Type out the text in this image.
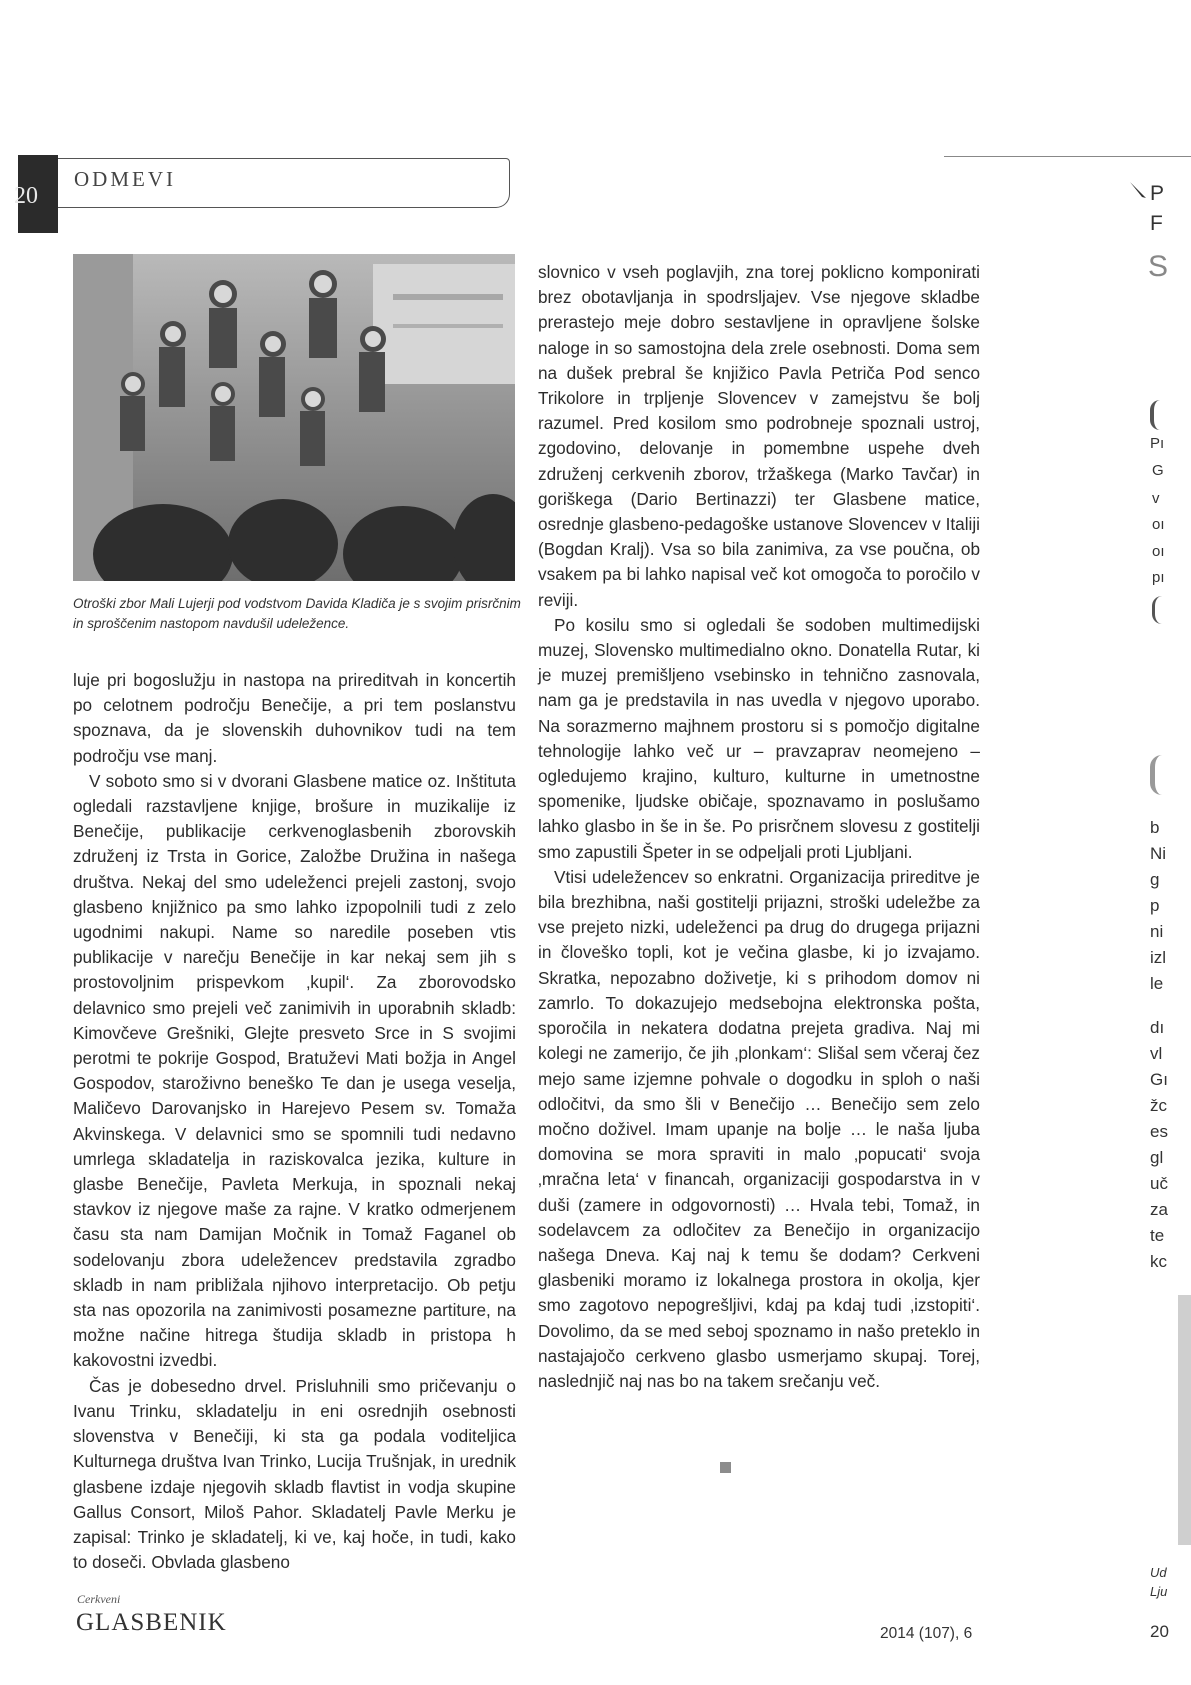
20
ODMEVI
Otroški zbor Mali Lujerji pod vodstvom Davida Kladiča je s svojim prisrčnim in sproščenim nastopom navdušil udeležence.

luje pri bogoslužju in nastopa na prireditvah in koncertih po celotnem področju Benečije, a pri tem poslanstvu spoznava, da je slovenskih duhovnikov tudi na tem področju vse manj.

V soboto smo si v dvorani Glasbene matice oz. Inštituta ogledali razstavljene knjige, brošure in muzikalije iz Benečije, publikacije cerkvenoglasbenih zborovskih združenj iz Trsta in Gorice, Založbe Družina in našega društva. Nekaj del smo udeleženci prejeli zastonj, svojo glasbeno knjižnico pa smo lahko izpopolnili tudi z zelo ugodnimi nakupi. Name so naredile poseben vtis publikacije v narečju Benečije in kar nekaj sem jih s prostovoljnim prispevkom ‚kupil‘. Za zborovodsko delavnico smo prejeli več zanimivih in uporabnih skladb: Kimovčeve Grešniki, Glejte presveto Srce in S svojimi perotmi te pokrije Gospod, Bratuževi Mati božja in Angel Gospodov, staroživno beneško Te dan je usega veselja, Maličevo Darovanjsko in Harejevo Pesem sv. Tomaža Akvinskega. V delavnici smo se spomnili tudi nedavno umrlega skladatelja in raziskovalca jezika, kulture in glasbe Benečije, Pavleta Merkuja, in spoznali nekaj stavkov iz njegove maše za rajne. V kratko odmerjenem času sta nam Damijan Močnik in Tomaž Faganel ob sodelovanju zbora udeležencev predstavila zgradbo skladb in nam približala njihovo interpretacijo. Ob petju sta nas opozorila na zanimivosti posamezne partiture, na možne načine hitrega študija skladb in pristopa h kakovostni izvedbi.

Čas je dobesedno drvel. Prisluhnili smo pričevanju o Ivanu Trinku, skladatelju in eni osrednjih osebnosti slovenstva v Benečiji, ki sta ga podala voditeljica Kulturnega društva Ivan Trinko, Lucija Trušnjak, in urednik glasbene izdaje njegovih skladb flavtist in vodja skupine Gallus Consort, Miloš Pahor. Skladatelj Pavle Merku je zapisal: Trinko je skladatelj, ki ve, kaj hoče, in tudi, kako to doseči. Obvlada glasbeno

slovnico v vseh poglavjih, zna torej poklicno komponirati brez obotavljanja in spodrsljajev. Vse njegove skladbe prerastejo meje dobro sestavljene in opravljene šolske naloge in so samostojna dela zrele osebnosti. Doma sem na dušek prebral še knjižico Pavla Petriča Pod senco Trikolore in trpljenje Slovencev v zamejstvu še bolj razumel. Pred kosilom smo podrobneje spoznali ustroj, zgodovino, delovanje in pomembne uspehe dveh združenj cerkvenih zborov, tržaškega (Marko Tavčar) in goriškega (Dario Bertinazzi) ter Glasbene matice, osrednje glasbeno-pedagoške ustanove Slovencev v Italiji (Bogdan Kralj). Vsa so bila zanimiva, za vse poučna, ob vsakem pa bi lahko napisal več kot omogoča to poročilo v reviji.

Po kosilu smo si ogledali še sodoben multimedijski muzej, Slovensko multimedialno okno. Donatella Rutar, ki je muzej premišljeno vsebinsko in tehnično zasnovala, nam ga je predstavila in nas uvedla v njegovo uporabo. Na sorazmerno majhnem prostoru si s pomočjo digitalne tehnologije lahko več ur – pravzaprav neomejeno – ogledujemo krajino, kulturo, kulturne in umetnostne spomenike, ljudske običaje, spoznavamo in poslušamo lahko glasbo in še in še. Po prisrčnem slovesu z gostitelji smo zapustili Špeter in se odpeljali proti Ljubljani.

Vtisi udeležencev so enkratni. Organizacija prireditve je bila brezhibna, naši gostitelji prijazni, stroški udeležbe za vse prejeto nizki, udeleženci pa drug do drugega prijazni in človeško topli, kot je večina glasbe, ki jo izvajamo. Skratka, nepozabno doživetje, ki s prihodom domov ni zamrlo. To dokazujejo medsebojna elektronska pošta, sporočila in nekatera dodatna prejeta gradiva. Naj mi kolegi ne zamerijo, če jih ‚plonkam‘: Slišal sem včeraj čez mejo same izjemne pohvale o dogodku in sploh o naši odločitvi, da smo šli v Benečijo … Benečijo sem zelo močno doživel. Imam upanje na bolje … le naša ljuba domovina se mora spraviti in malo ‚popucati‘ svoja ‚mračna leta‘ v financah, organizaciji gospodarstva in v duši (zamere in odgovornosti) … Hvala tebi, Tomaž, in sodelavcem za odločitev za Benečijo in organizacijo našega Dneva. Kaj naj k temu še dodam? Cerkveni glasbeniki moramo iz lokalnega prostora in okolja, kjer smo zagotovo nepogrešljivi, kdaj pa kdaj tudi ‚izstopiti‘. Dovolimo, da se med seboj spoznamo in našo preteklo in nastajajočo cerkveno glasbo usmerjamo skupaj. Torej, naslednjič naj nas bo na takem srečanju več.

Cerkveni
GLASBENIK	2014 (107), 6	20
P
F
S
Pı
G
v
oı
oı
pı
b
Ni
g
p
ni
izl
le
dı
vl
Gı
žc
es
gl
uč
za
te
kc
Ud
Lju
